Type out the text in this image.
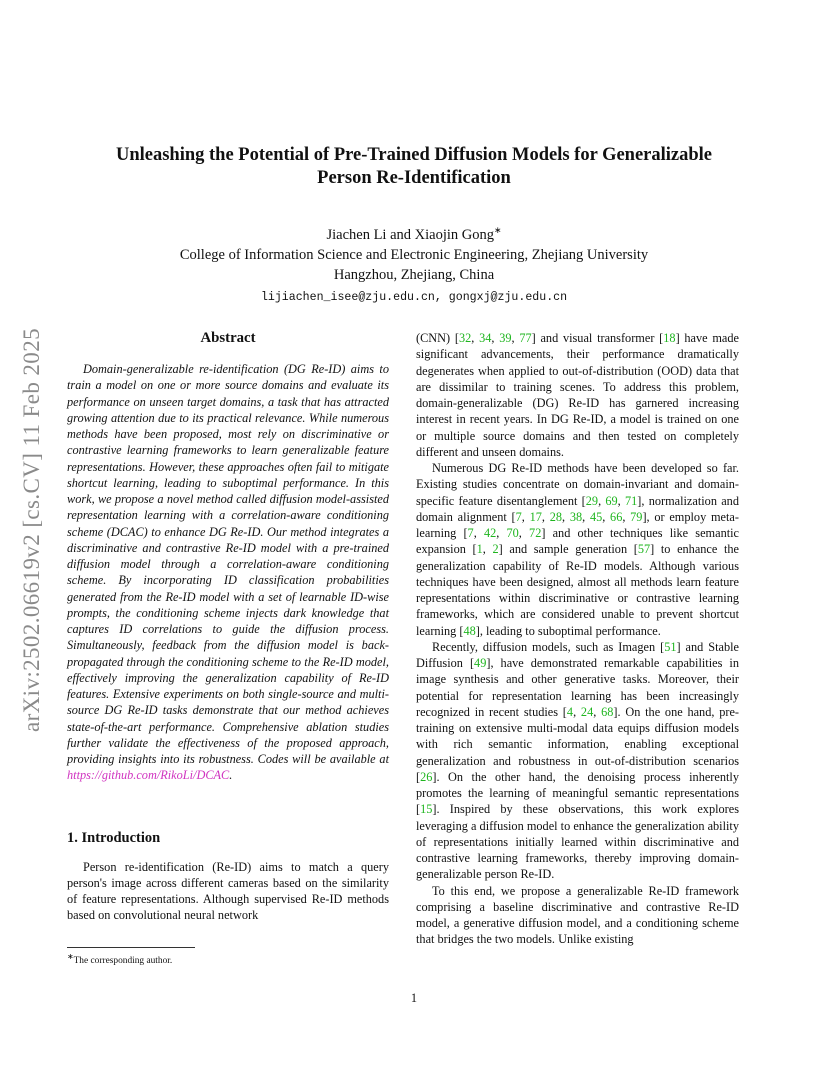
arXiv:2502.06619v2 [cs.CV] 11 Feb 2025
Unleashing the Potential of Pre-Trained Diffusion Models for Generalizable
Person Re-Identification
Jiachen Li and Xiaojin Gong∗
College of Information Science and Electronic Engineering, Zhejiang University
Hangzhou, Zhejiang, China
lijiachen_isee@zju.edu.cn, gongxj@zju.edu.cn
Abstract

Domain-generalizable re-identification (DG Re-ID) aims to train a model on one or more source domains and evaluate its performance on unseen target domains, a task that has attracted growing attention due to its practical relevance. While numerous methods have been proposed, most rely on discriminative or contrastive learning frameworks to learn generalizable feature representations. However, these approaches often fail to mitigate shortcut learning, leading to suboptimal performance. In this work, we propose a novel method called diffusion model-assisted representation learning with a correlation-aware conditioning scheme (DCAC) to enhance DG Re-ID. Our method integrates a discriminative and contrastive Re-ID model with a pre-trained diffusion model through a correlation-aware conditioning scheme. By incorporating ID classification probabilities generated from the Re-ID model with a set of learnable ID-wise prompts, the conditioning scheme injects dark knowledge that captures ID correlations to guide the diffusion process. Simultaneously, feedback from the diffusion model is back-propagated through the conditioning scheme to the Re-ID model, effectively improving the generalization capability of Re-ID features. Extensive experiments on both single-source and multi-source DG Re-ID tasks demonstrate that our method achieves state-of-the-art performance. Comprehensive ablation studies further validate the effectiveness of the proposed approach, providing insights into its robustness. Codes will be available at https://github.com/RikoLi/DCAC.

1. Introduction

Person re-identification (Re-ID) aims to match a query person's image across different cameras based on the similarity of feature representations. Although supervised Re-ID methods based on convolutional neural network

(CNN) [32, 34, 39, 77] and visual transformer [18] have made significant advancements, their performance dramatically degenerates when applied to out-of-distribution (OOD) data that are dissimilar to training scenes. To address this problem, domain-generalizable (DG) Re-ID has garnered increasing interest in recent years. In DG Re-ID, a model is trained on one or multiple source domains and then tested on completely different and unseen domains.

Numerous DG Re-ID methods have been developed so far. Existing studies concentrate on domain-invariant and domain-specific feature disentanglement [29, 69, 71], normalization and domain alignment [7, 17, 28, 38, 45, 66, 79], or employ meta-learning [7, 42, 70, 72] and other techniques like semantic expansion [1, 2] and sample generation [57] to enhance the generalization capability of Re-ID models. Although various techniques have been designed, almost all methods learn feature representations within discriminative or contrastive learning frameworks, which are considered unable to prevent shortcut learning [48], leading to suboptimal performance.

Recently, diffusion models, such as Imagen [51] and Stable Diffusion [49], have demonstrated remarkable capabilities in image synthesis and other generative tasks. Moreover, their potential for representation learning has been increasingly recognized in recent studies [4, 24, 68]. On the one hand, pre-training on extensive multi-modal data equips diffusion models with rich semantic information, enabling exceptional generalization and robustness in out-of-distribution scenarios [26]. On the other hand, the denoising process inherently promotes the learning of meaningful semantic representations [15]. Inspired by these observations, this work explores leveraging a diffusion model to enhance the generalization ability of representations initially learned within discriminative and contrastive learning frameworks, thereby improving domain-generalizable person Re-ID.

To this end, we propose a generalizable Re-ID framework comprising a baseline discriminative and contrastive Re-ID model, a generative diffusion model, and a conditioning scheme that bridges the two models. Unlike existing

∗The corresponding author.
1
